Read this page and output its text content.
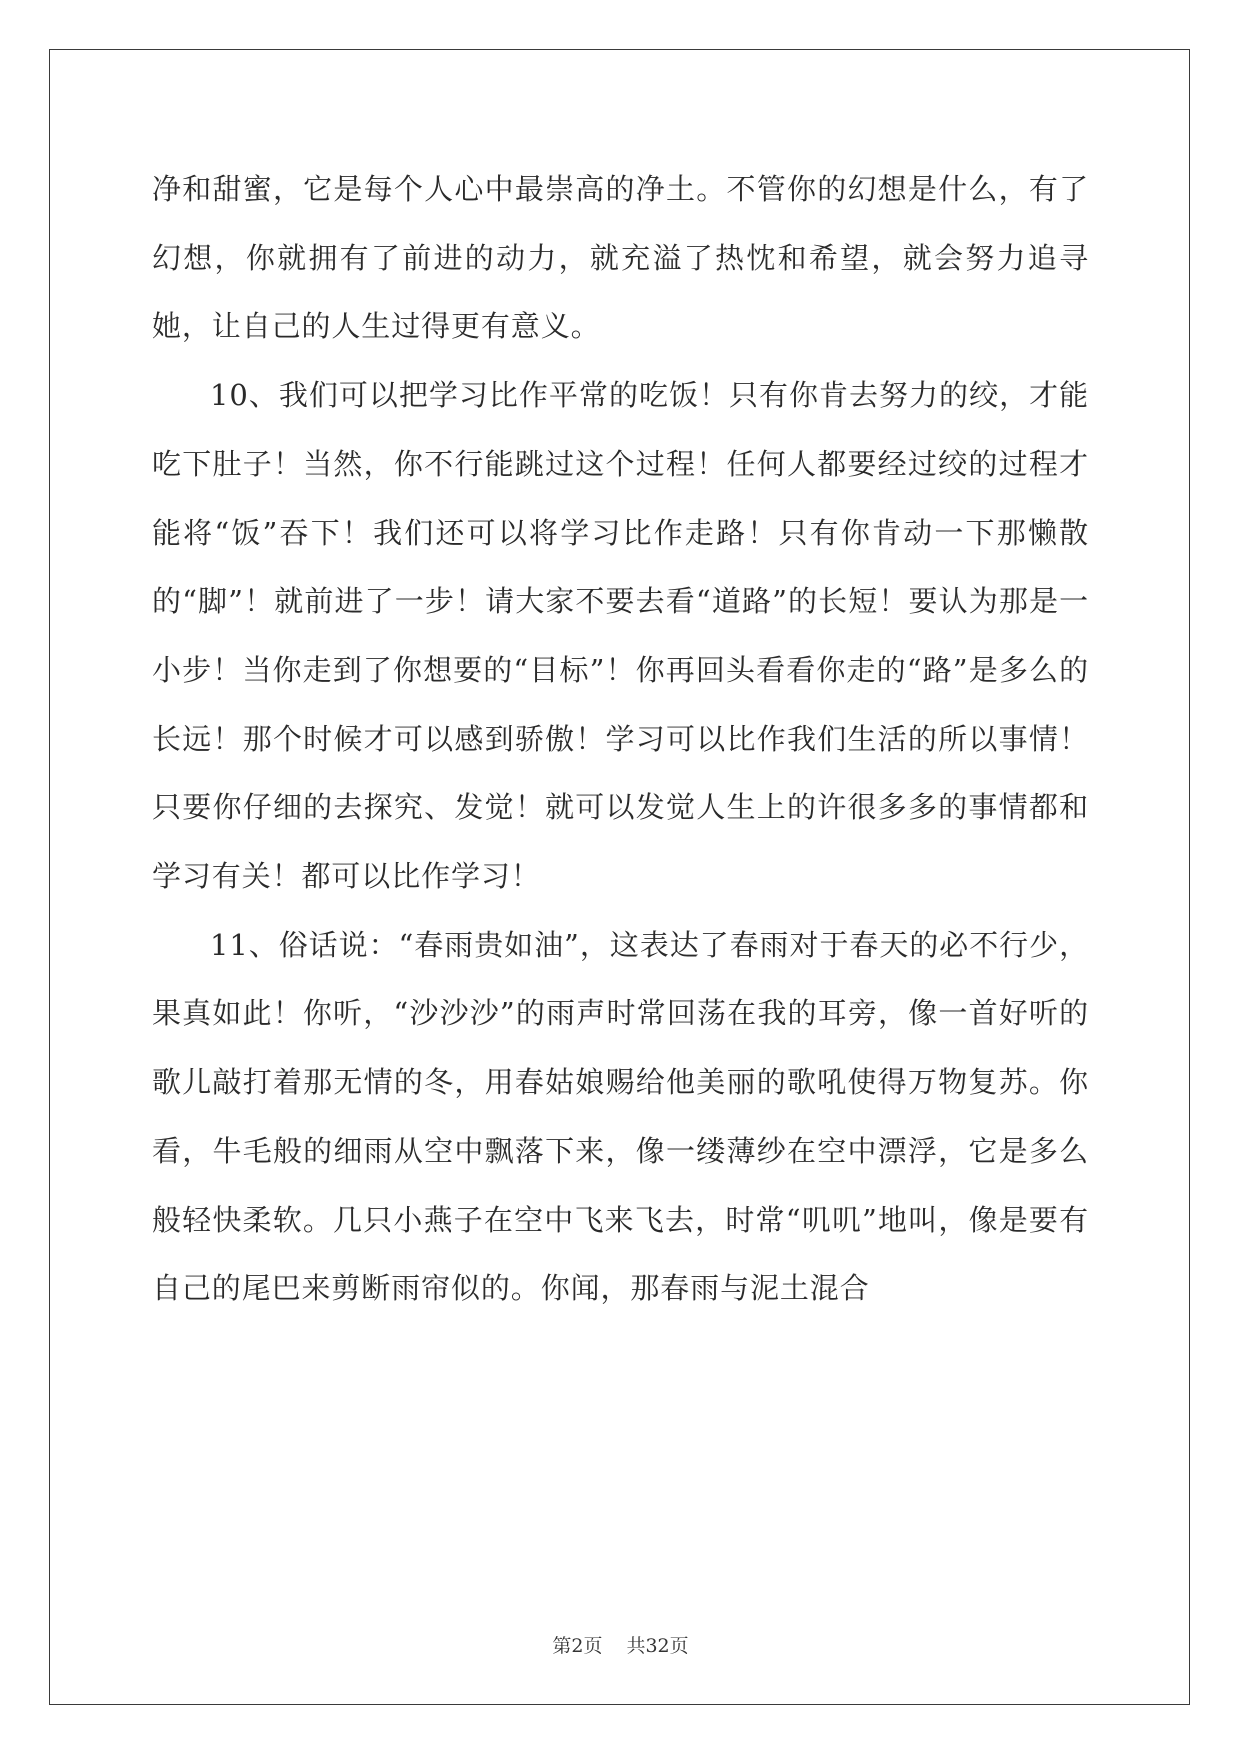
净和甜蜜，它是每个人心中最崇高的净土。不管你的幻想是什么，有了幻想，你就拥有了前进的动力，就充溢了热忱和希望，就会努力追寻她，让自己的人生过得更有意义。

10、我们可以把学习比作平常的吃饭！只有你肯去努力的绞，才能吃下肚子！当然，你不行能跳过这个过程！任何人都要经过绞的过程才能将“饭”吞下！我们还可以将学习比作走路！只有你肯动一下那懒散的“脚”！就前进了一步！请大家不要去看“道路”的长短！要认为那是一小步！当你走到了你想要的“目标”！你再回头看看你走的“路”是多么的长远！那个时候才可以感到骄傲！学习可以比作我们生活的所以事情！只要你仔细的去探究、发觉！就可以发觉人生上的许很多多的事情都和学习有关！都可以比作学习！

11、俗话说：“春雨贵如油”，这表达了春雨对于春天的必不行少，果真如此！你听，“沙沙沙”的雨声时常回荡在我的耳旁，像一首好听的歌儿敲打着那无情的冬，用春姑娘赐给他美丽的歌吼使得万物复苏。你看，牛毛般的细雨从空中飘落下来，像一缕薄纱在空中漂浮，它是多么般轻快柔软。几只小燕子在空中飞来飞去，时常“叽叽”地叫，像是要有自己的尾巴来剪断雨帘似的。你闻，那春雨与泥土混合

第2页 共32页
